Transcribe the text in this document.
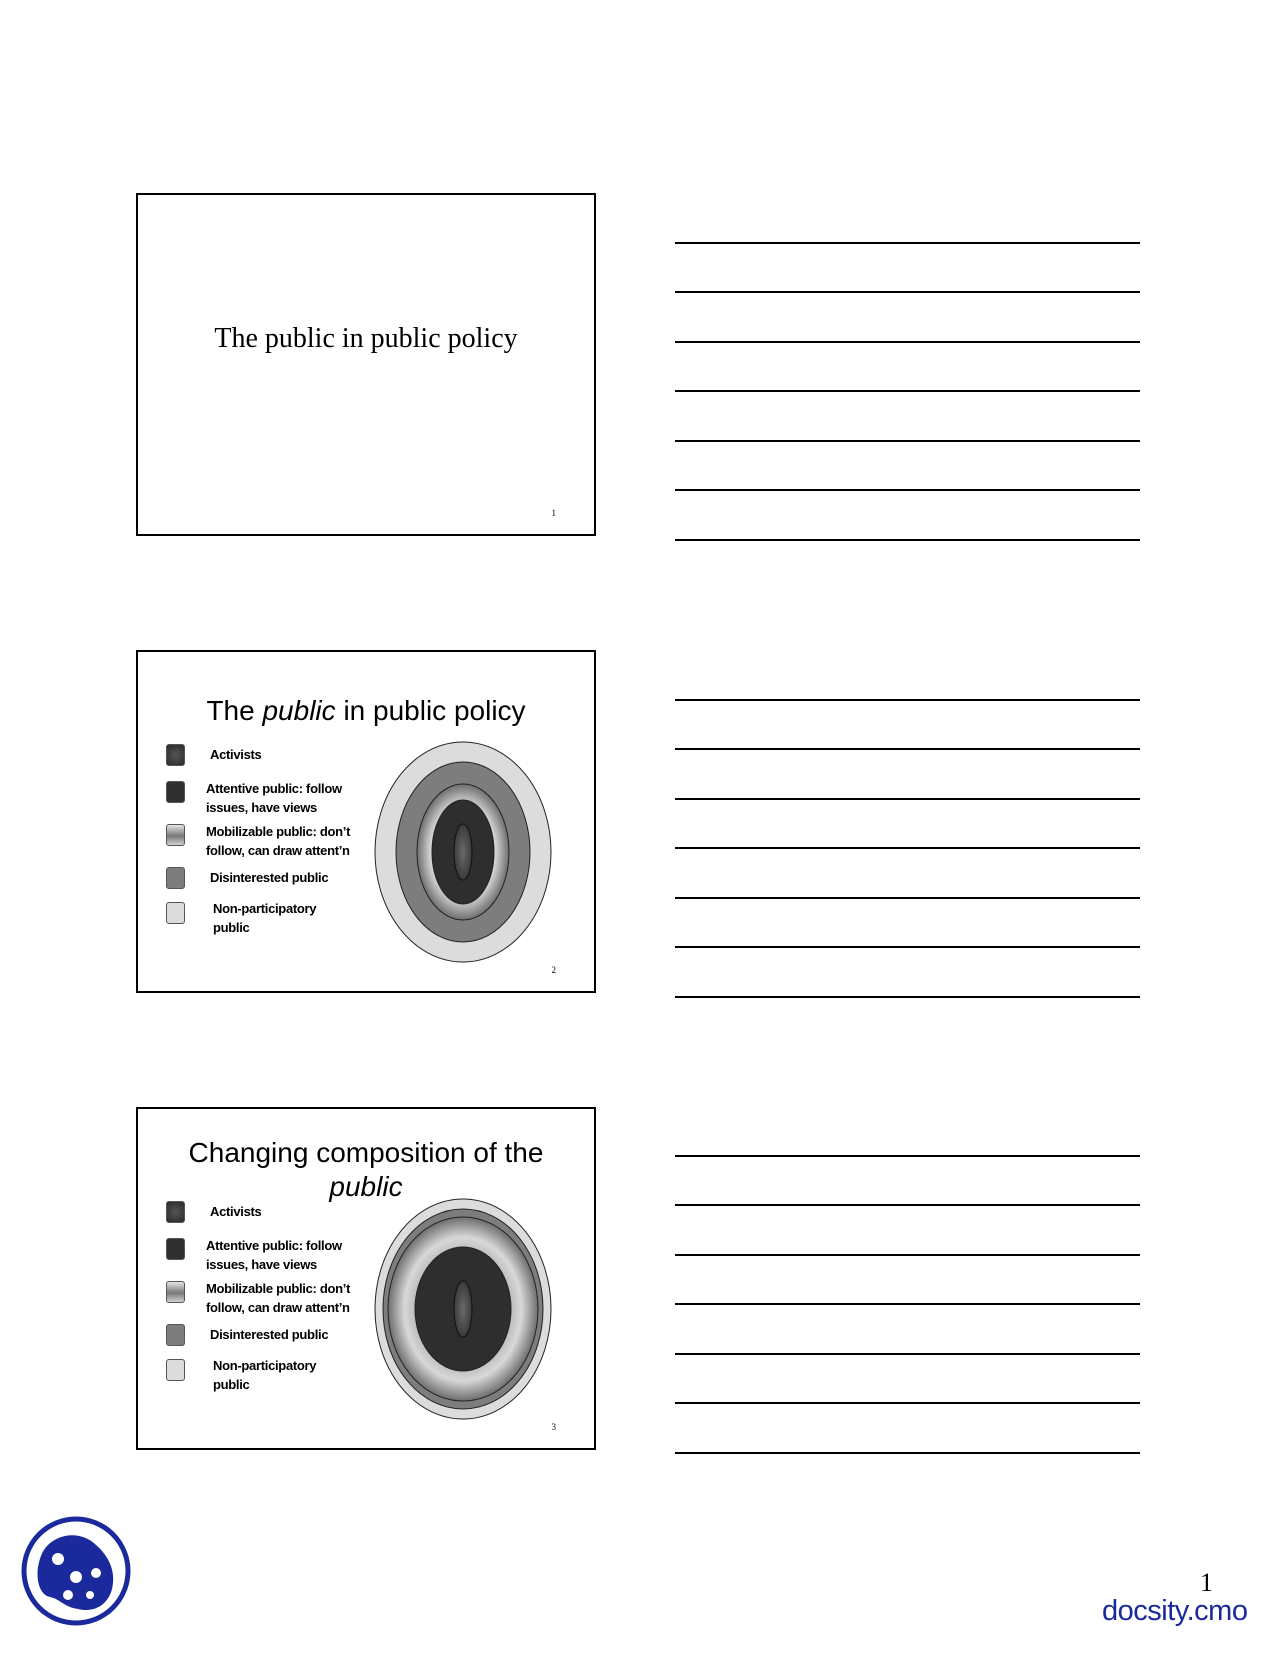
The public in public policy
1
The public in public policy
Activists
Attentive public: follow issues, have views
Mobilizable public: don’t follow, can draw attent’n
Disinterested public
Non-participatory public
2
Changing composition of the
public
Activists
Attentive public: follow issues, have views
Mobilizable public: don’t follow, can draw attent’n
Disinterested public
Non-participatory public
3
1
docsity.cmo
